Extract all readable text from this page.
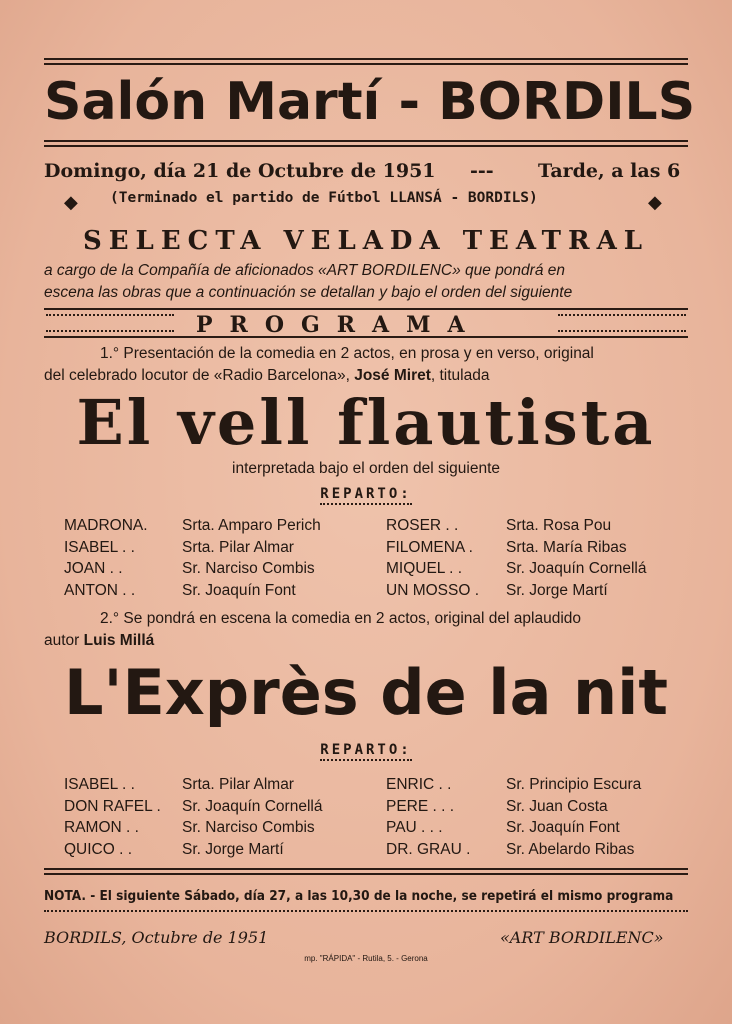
Salón Martí - BORDILS
Domingo, día 21 de Octubre de 1951 --- Tarde, a las 6
◆ (Terminado el partido de Fútbol LLANSÁ - BORDILS)	◆
SELECTA VELADA TEATRAL
a cargo de la Compañía de aficionados «ART BORDILENC» que pondrá en
escena las obras que a continuación se detallan y bajo el orden del siguiente
PROGRAMA
1.° Presentación de la comedia en 2 actos, en prosa y en verso, original
del celebrado locutor de «Radio Barcelona», José Miret, titulada
El vell flautista
interpretada bajo el orden del siguiente
REPARTO:
MADRONA.	Srta. Amparo Perich
ISABEL . .	Srta. Pilar Almar
JOAN . .	Sr. Narciso Combis
ANTON . .	Sr. Joaquín Font
ROSER . .	Srta. Rosa Pou
FILOMENA .	Srta. María Ribas
MIQUEL . .	Sr. Joaquín Cornellá
UN MOSSO .	Sr. Jorge Martí
2.° Se pondrá en escena la comedia en 2 actos, original del aplaudido
autor Luis Millá
L'Exprès de la nit
REPARTO:
ISABEL . .	Srta. Pilar Almar
DON RAFEL .	Sr. Joaquín Cornellá
RAMON . .	Sr. Narciso Combis
QUICO . .	Sr. Jorge Martí
ENRIC . .	Sr. Principio Escura
PERE . . .	Sr. Juan Costa
PAU . . .	Sr. Joaquín Font
DR. GRAU .	Sr. Abelardo Ribas
NOTA. - El siguiente Sábado, día 27, a las 10,30 de la noche, se repetirá el mismo programa
BORDILS, Octubre de 1951	«ART BORDILENC»
mp. "RÁPIDA" - Rutila, 5. - Gerona
